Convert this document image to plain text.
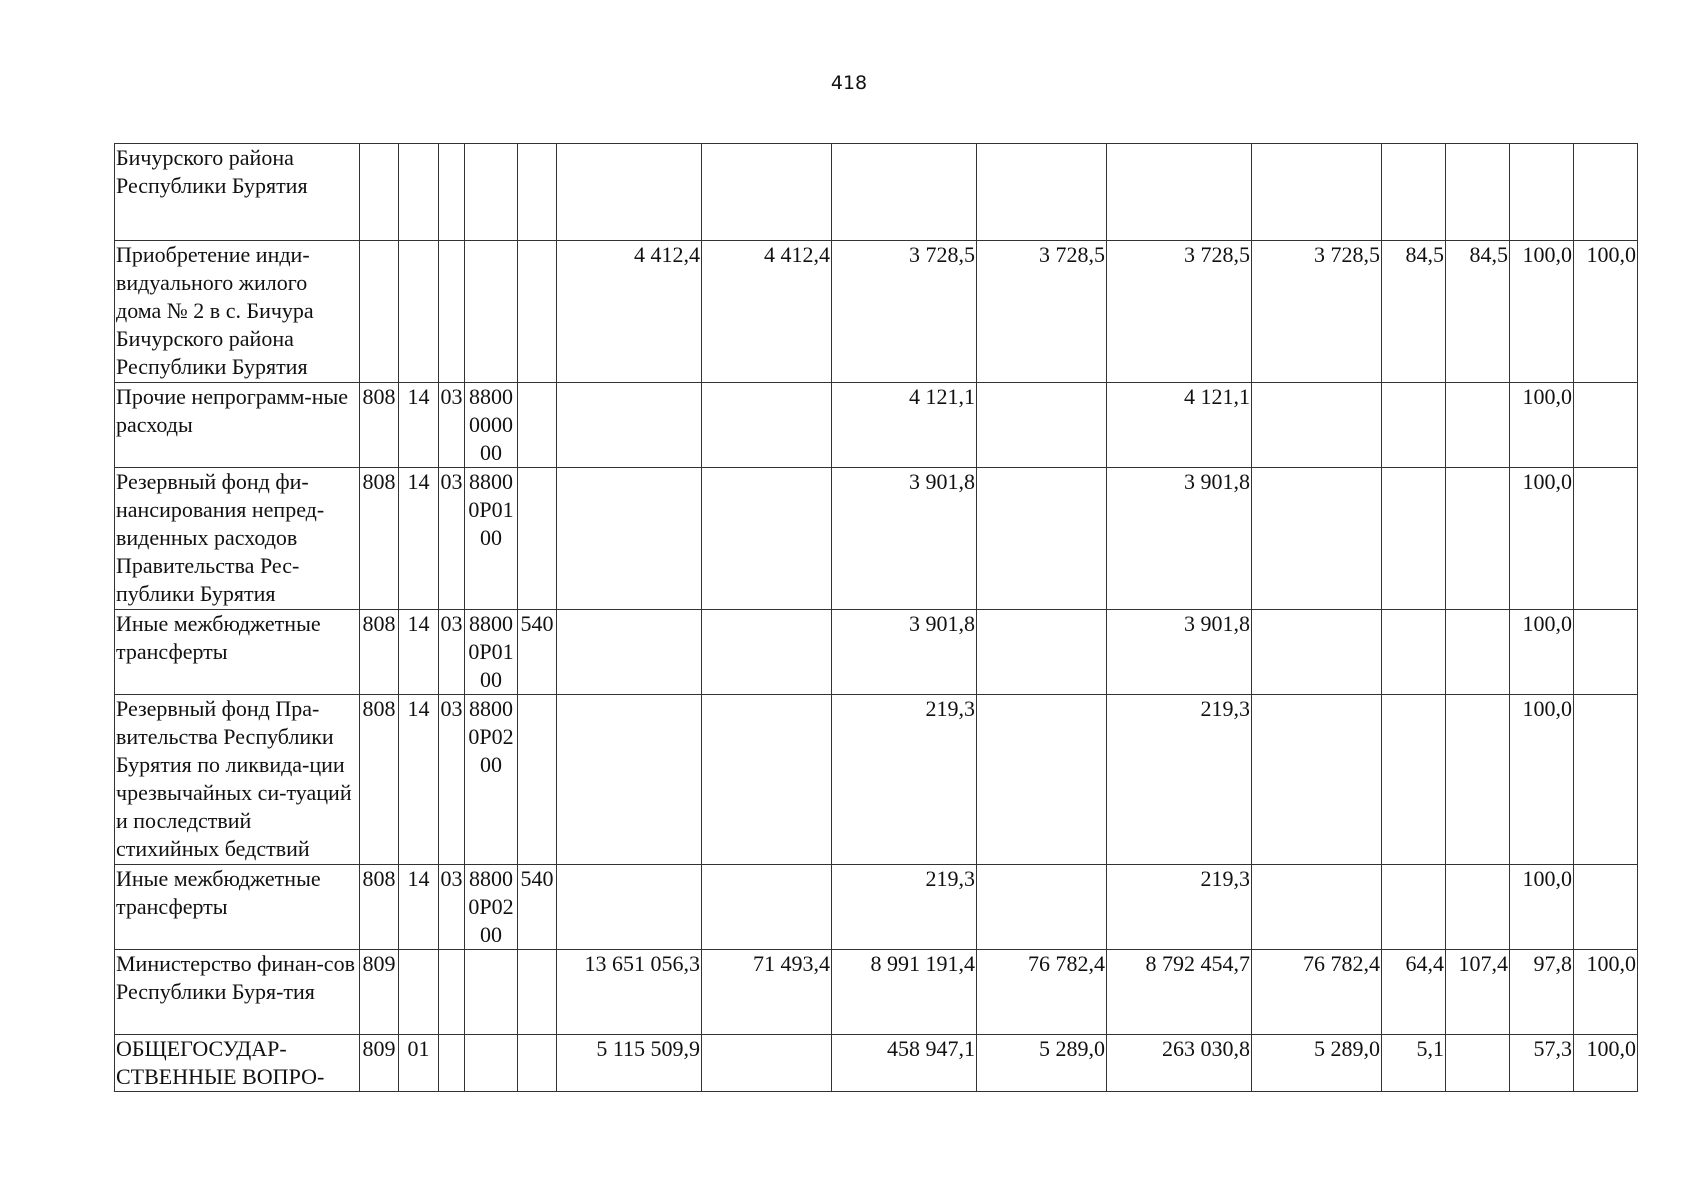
418
Бичурского района Республики Бурятия															
Приобретение инди-видуального жилого дома № 2 в с. Бичура Бичурского района Республики Бурятия						4 412,4	4 412,4	3 728,5	3 728,5	3 728,5	3 728,5	84,5	84,5	100,0	100,0
Прочие непрограмм-ные расходы	808	14	03	88000000 00				4 121,1		4 121,1				100,0	
Резервный фонд фи-нансирования непред-виденных расходов Правительства Рес-публики Бурятия	808	14	03	88000P01 00				3 901,8		3 901,8				100,0	
Иные межбюджетные трансферты	808	14	03	88000P01 00	540			3 901,8		3 901,8				100,0	
Резервный фонд Пра-вительства Республики Бурятия по ликвида-ции чрезвычайных си-туаций и последствий стихийных бедствий	808	14	03	88000P02 00				219,3		219,3				100,0	
Иные межбюджетные трансферты	808	14	03	88000P02 00	540			219,3		219,3				100,0	
Министерство финан-сов Республики Буря-тия	809					13 651 056,3	71 493,4	8 991 191,4	76 782,4	8 792 454,7	76 782,4	64,4	107,4	97,8	100,0
ОБЩЕГОСУДАР-СТВЕННЫЕ ВОПРО-	809	01				5 115 509,9		458 947,1	5 289,0	263 030,8	5 289,0	5,1		57,3	100,0
